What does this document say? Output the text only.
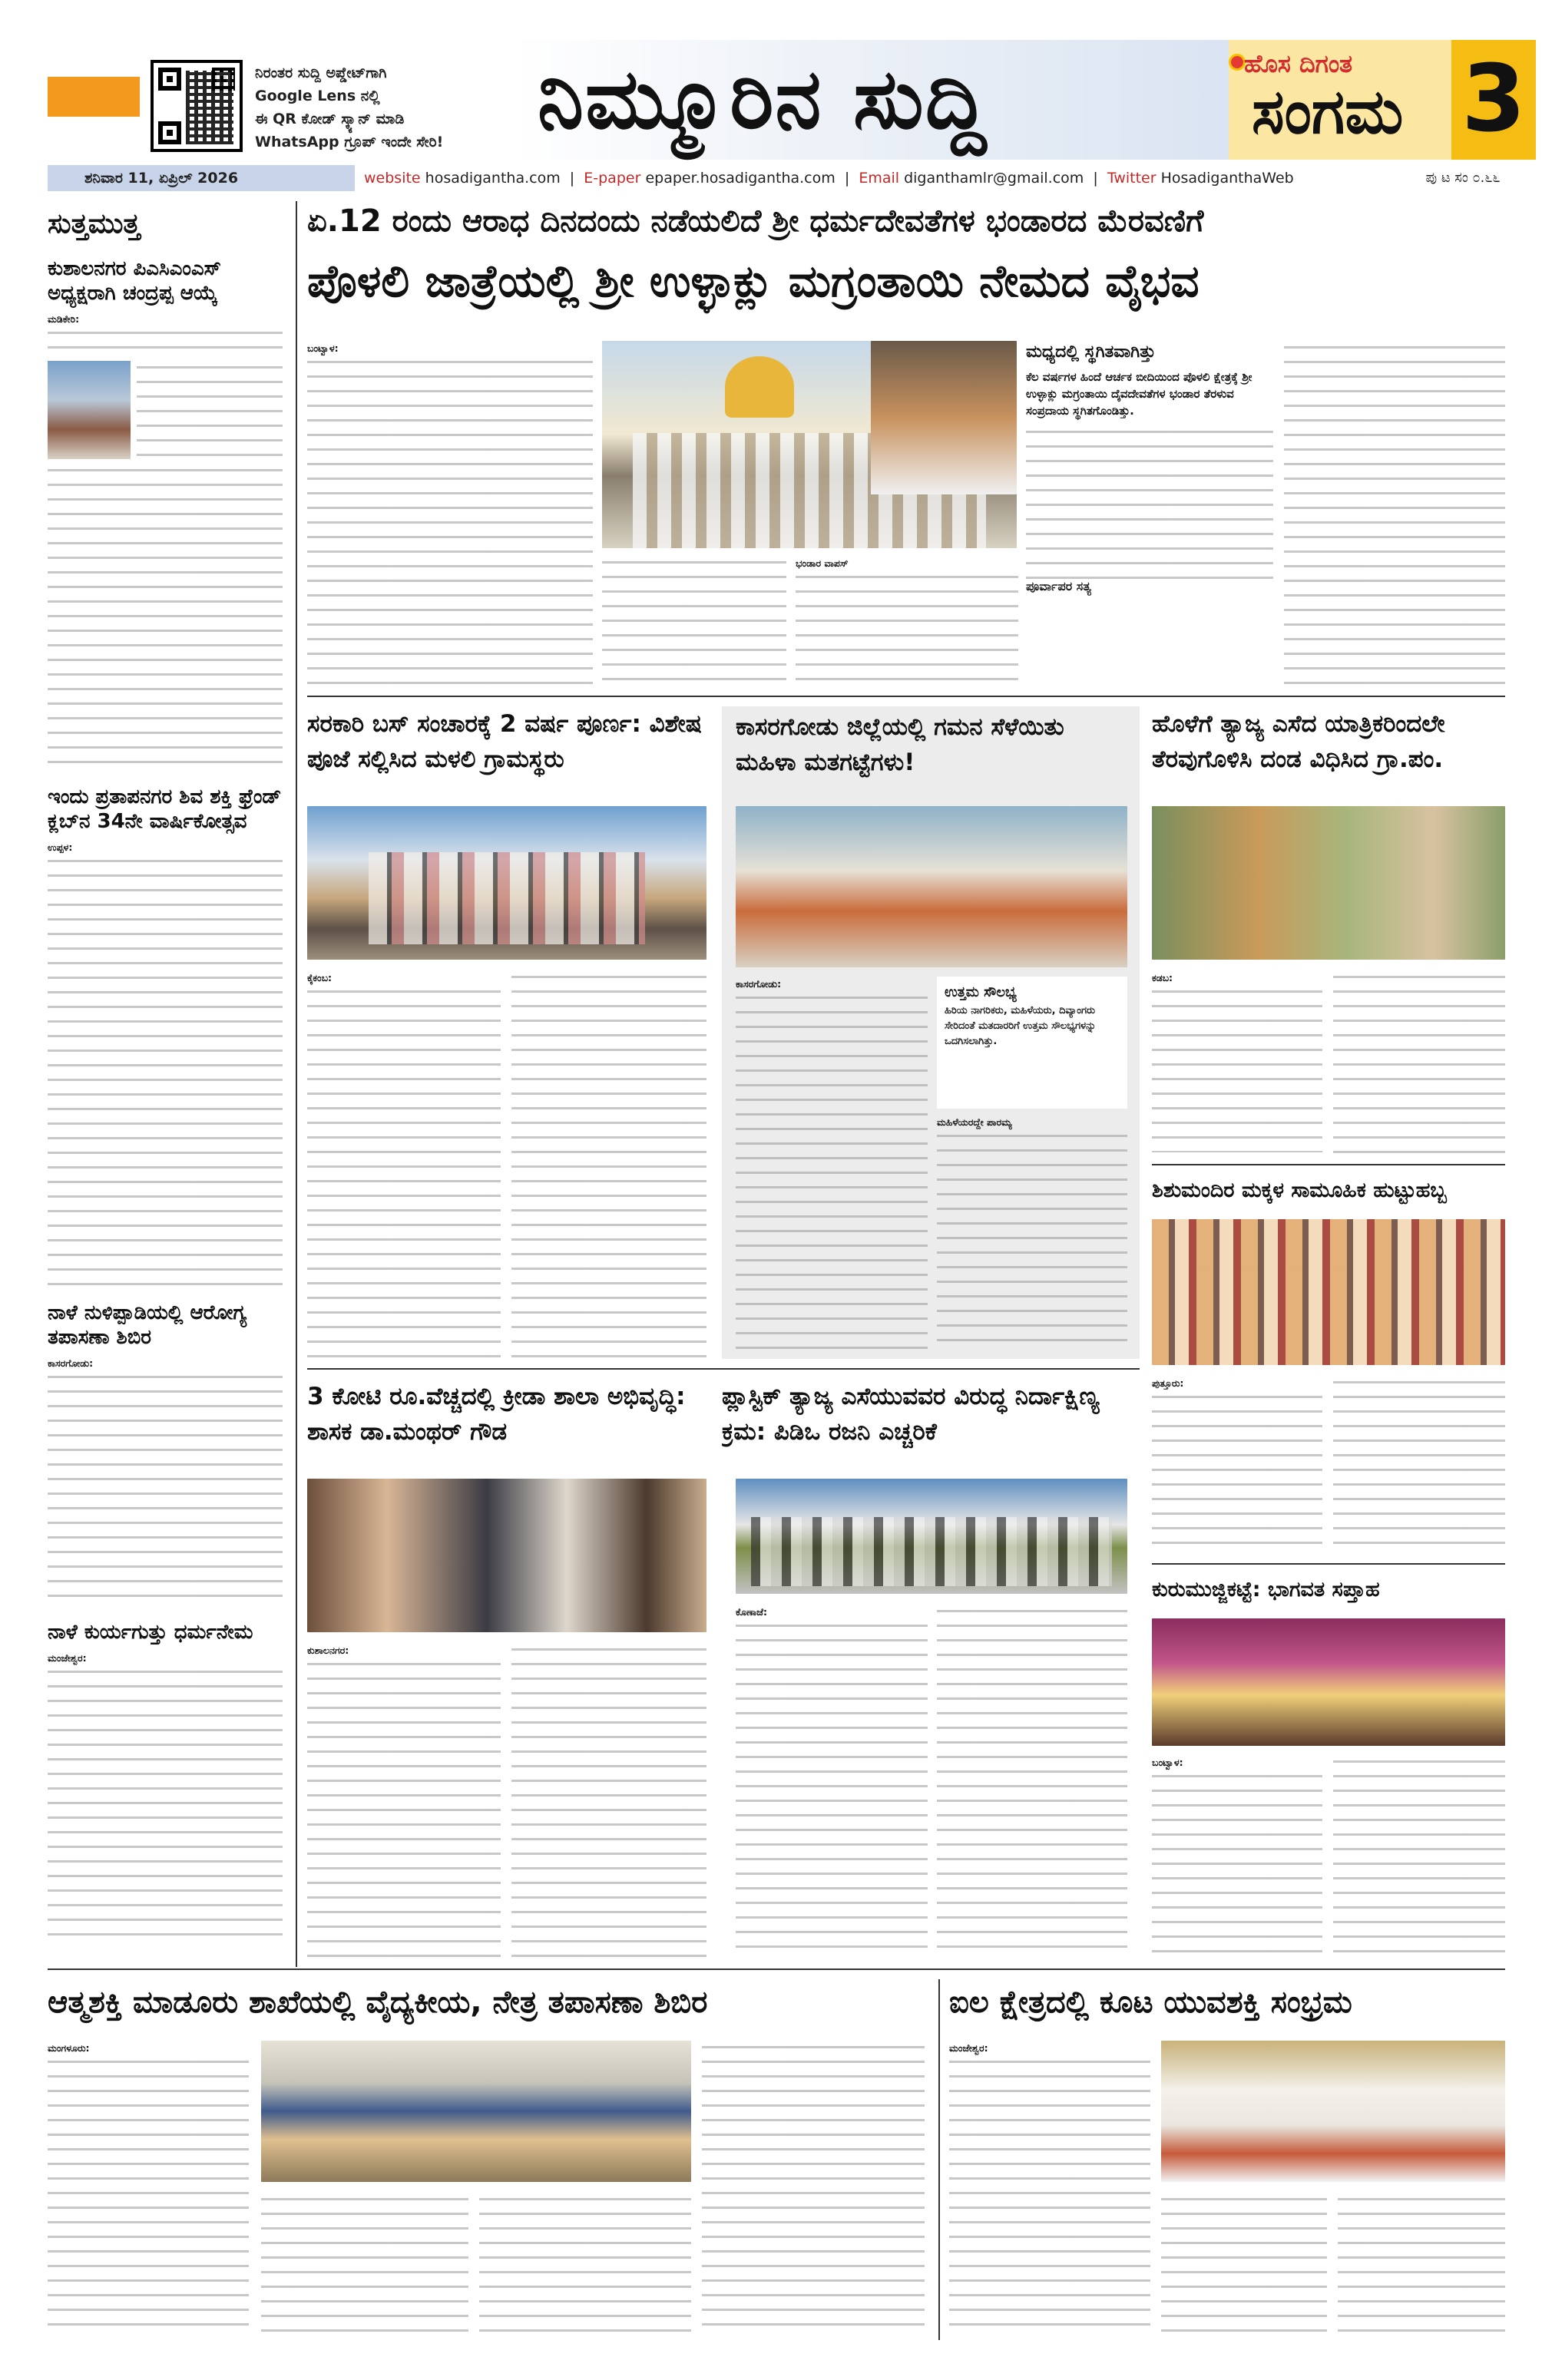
ನಿರಂತರ ಸುದ್ದಿ ಅಪ್ಡೇಟ್‌ಗಾಗಿ
Google Lens ನಲ್ಲಿ
ಈ QR ಕೋಡ್ ಸ್ಕ್ಯಾನ್ ಮಾಡಿ
WhatsApp ಗ್ರೂಪ್ ಇಂದೇ ಸೇರಿ!	ನಿಮ್ಮೂರಿನ ಸುದ್ದಿ	ಹೊಸ ದಿಗಂತ
ಸಂಗಮ 3
ಶನಿವಾರ 11, ಏಪ್ರಿಲ್ 2026	website hosadigantha.com  |  E-paper epaper.hosadigantha.com  |  Email diganthamlr@gmail.com  |  Twitter HosadiganthaWeb	ಪು ಟ ಸಂ ೦.೬೬
ಸುತ್ತಮುತ್ತ
ಕುಶಾಲನಗರ ಪಿಎಸಿಎಂಎಸ್ ಅಧ್ಯಕ್ಷರಾಗಿ ಚಂದ್ರಪ್ಪ ಆಯ್ಕೆ
ಮಡಿಕೇರಿ:
ಇಂದು ಪ್ರತಾಪನಗರ ಶಿವ ಶಕ್ತಿ ಫ್ರೆಂಡ್ ಕ್ಲಬ್‌ನ 34ನೇ ವಾರ್ಷಿಕೋತ್ಸವ
ಉಪ್ಪಳ:
ನಾಳೆ ನುಳಿಪ್ಪಾಡಿಯಲ್ಲಿ ಆರೋಗ್ಯ ತಪಾಸಣಾ ಶಿಬಿರ
ಕಾಸರಗೋಡು:
ನಾಳೆ ಕುರ್ಯಗುತ್ತು ಧರ್ಮನೇಮ
ಮಂಜೇಶ್ವರ:
ಏ.12 ರಂದು ಆರಾಧ ದಿನದಂದು ನಡೆಯಲಿದೆ ಶ್ರೀ ಧರ್ಮದೇವತೆಗಳ ಭಂಡಾರದ ಮೆರವಣಿಗೆ
ಪೊಳಲಿ ಜಾತ್ರೆಯಲ್ಲಿ ಶ್ರೀ ಉಳ್ಳಾಕ್ಲು ಮಗ್ರಂತಾಯಿ ನೇಮದ ವೈಭವ
ಬಂಟ್ವಾಳ:
ಭಂಡಾರ ವಾಪಸ್
ಮಧ್ಯದಲ್ಲಿ ಸ್ಥಗಿತವಾಗಿತ್ತು
ಕೆಲ ವರ್ಷಗಳ ಹಿಂದೆ ಆರ್ಚಕ ಬೀದಿಯಿಂದ ಪೊಳಲಿ ಕ್ಷೇತ್ರಕ್ಕೆ ಶ್ರೀ ಉಳ್ಳಾಕ್ಲು ಮಗ್ರಂತಾಯಿ ದೈವದೇವತೆಗಳ ಭಂಡಾರ ತೆರಳುವ ಸಂಪ್ರದಾಯ ಸ್ಥಗಿತಗೊಂಡಿತ್ತು.
ಪೂರ್ವಾಪರ ಸತ್ಯ
ಸರಕಾರಿ ಬಸ್ ಸಂಚಾರಕ್ಕೆ 2 ವರ್ಷ ಪೂರ್ಣ: ವಿಶೇಷ ಪೂಜೆ ಸಲ್ಲಿಸಿದ ಮಳಲಿ ಗ್ರಾಮಸ್ಥರು
ಕೈಕಂಬ:
ಕಾಸರಗೋಡು ಜಿಲ್ಲೆಯಲ್ಲಿ ಗಮನ ಸೆಳೆಯಿತು ಮಹಿಳಾ ಮತಗಟ್ಟೆಗಳು!
ಕಾಸರಗೋಡು:
ಉತ್ತಮ ಸೌಲಭ್ಯ
ಹಿರಿಯ ನಾಗರಿಕರು, ಮಹಿಳೆಯರು, ದಿವ್ಯಾಂಗರು ಸೇರಿದಂತೆ ಮತದಾರರಿಗೆ ಉತ್ತಮ ಸೌಲಭ್ಯಗಳನ್ನು ಒದಗಿಸಲಾಗಿತ್ತು.
ಮಹಿಳೆಯರದ್ದೇ ಪಾರಮ್ಯ
ಹೊಳೆಗೆ ತ್ಯಾಜ್ಯ ಎಸೆದ ಯಾತ್ರಿಕರಿಂದಲೇ ತೆರವುಗೊಳಿಸಿ ದಂಡ ವಿಧಿಸಿದ ಗ್ರಾ.ಪಂ.
ಕಡಬ:
ಶಿಶುಮಂದಿರ ಮಕ್ಕಳ ಸಾಮೂಹಿಕ ಹುಟ್ಟುಹಬ್ಬ
ಪುತ್ತೂರು:
ಕುರುಮುಜ್ಜಿಕಟ್ಟೆ: ಭಾಗವತ ಸಪ್ತಾಹ
ಬಂಟ್ವಾಳ:
3 ಕೋಟಿ ರೂ.ವೆಚ್ಚದಲ್ಲಿ ಕ್ರೀಡಾ ಶಾಲಾ ಅಭಿವೃದ್ಧಿ: ಶಾಸಕ ಡಾ.ಮಂಥರ್ ಗೌಡ
ಕುಶಾಲನಗರ:
ಪ್ಲಾಸ್ಟಿಕ್ ತ್ಯಾಜ್ಯ ಎಸೆಯುವವರ ವಿರುದ್ಧ ನಿರ್ದಾಕ್ಷಿಣ್ಯ ಕ್ರಮ: ಪಿಡಿಒ ರಜನಿ ಎಚ್ಚರಿಕೆ
ಕೊಣಾಜೆ:
ಆತ್ಮಶಕ್ತಿ ಮಾಡೂರು ಶಾಖೆಯಲ್ಲಿ ವೈದ್ಯಕೀಯ, ನೇತ್ರ ತಪಾಸಣಾ ಶಿಬಿರ
ಮಂಗಳೂರು:
ಐಲ ಕ್ಷೇತ್ರದಲ್ಲಿ ಕೂಟ ಯುವಶಕ್ತಿ ಸಂಭ್ರಮ
ಮಂಜೇಶ್ವರ:
